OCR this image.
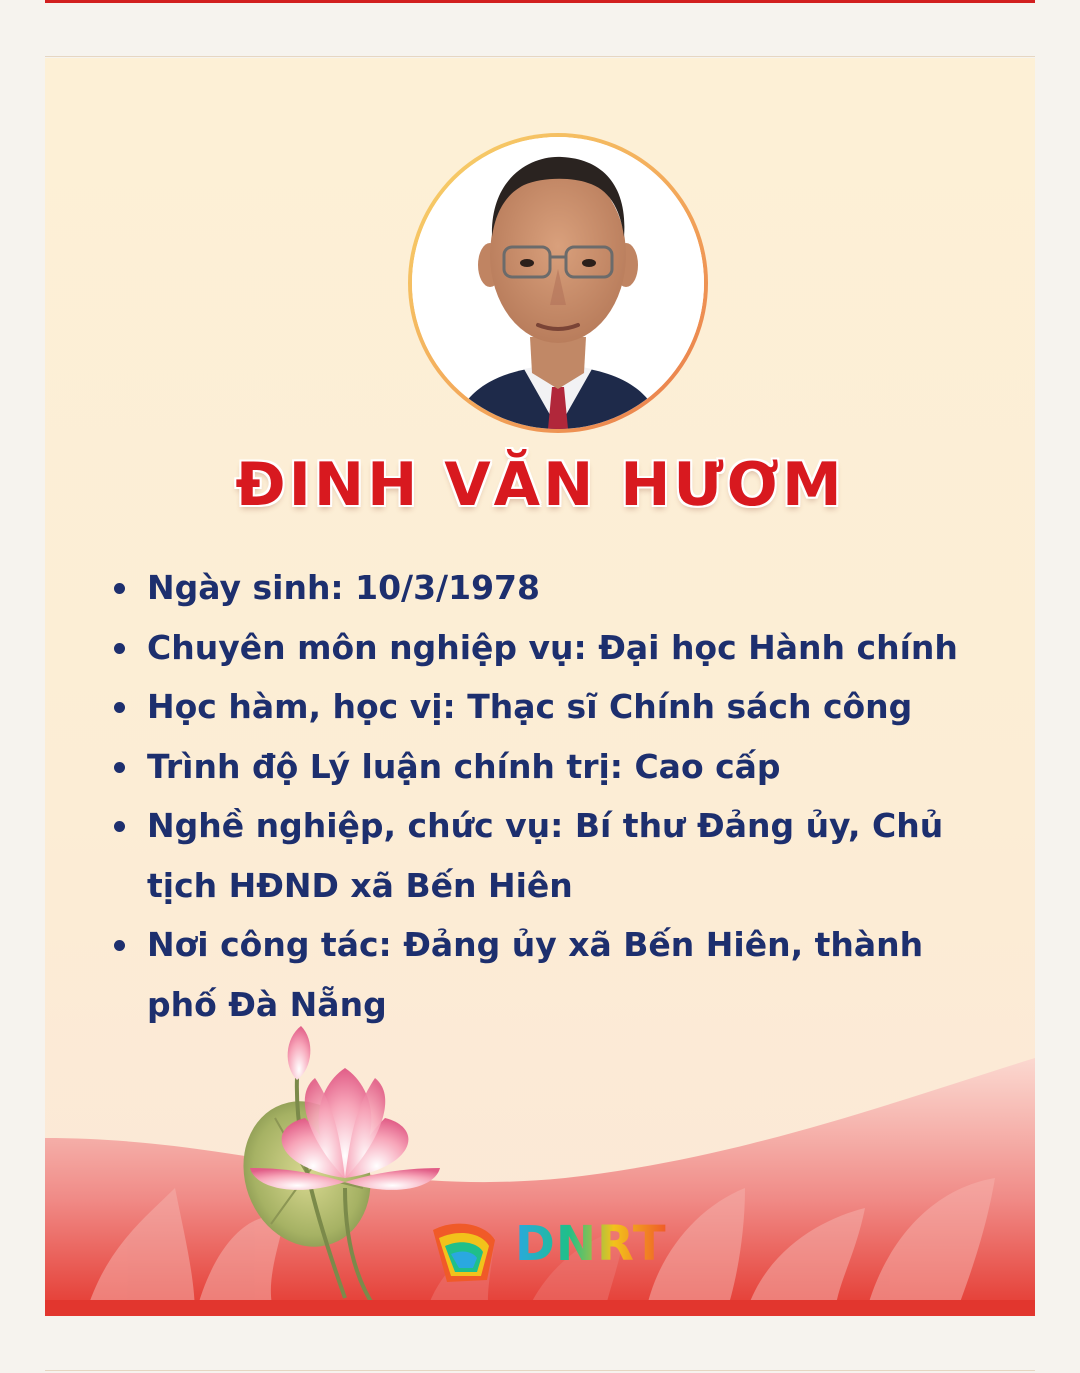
ĐINH VĂN HƯƠM
Ngày sinh: 10/3/1978
Chuyên môn nghiệp vụ: Đại học Hành chính
Học hàm, học vị: Thạc sĩ Chính sách công
Trình độ Lý luận chính trị: Cao cấp
Nghề nghiệp, chức vụ: Bí thư Đảng ủy, Chủ tịch HĐND xã Bến Hiên
Nơi công tác: Đảng ủy xã Bến Hiên, thành phố Đà Nẵng
DNRT
